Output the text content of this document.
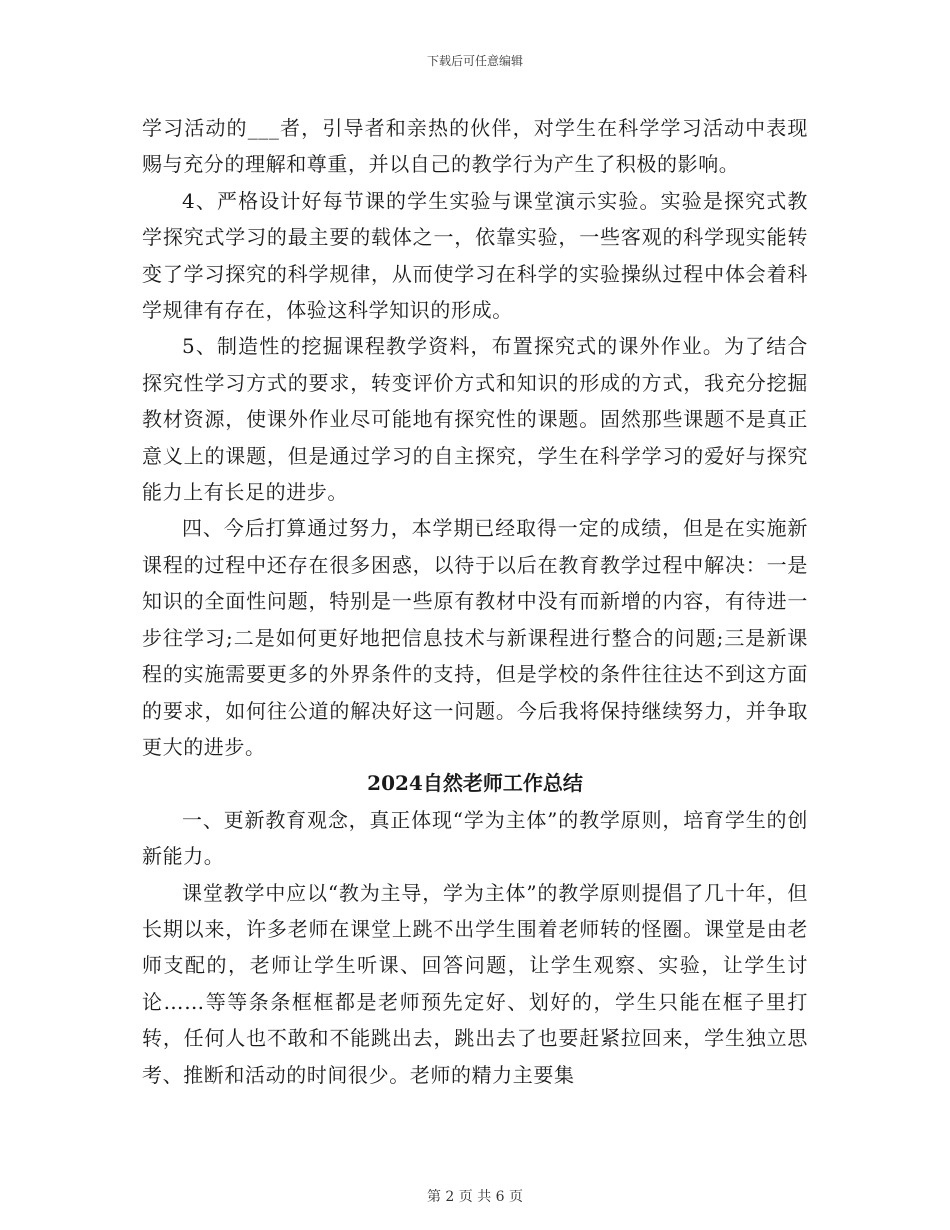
下载后可任意编辑

学习活动的___者，引导者和亲热的伙伴，对学生在科学学习活动中表现赐与充分的理解和尊重，并以自己的教学行为产生了积极的影响。

4、严格设计好每节课的学生实验与课堂演示实验。实验是探究式教学探究式学习的最主要的载体之一，依靠实验，一些客观的科学现实能转变了学习探究的科学规律，从而使学习在科学的实验操纵过程中体会着科学规律有存在，体验这科学知识的形成。

5、制造性的挖掘课程教学资料，布置探究式的课外作业。为了结合探究性学习方式的要求，转变评价方式和知识的形成的方式，我充分挖掘教材资源，使课外作业尽可能地有探究性的课题。固然那些课题不是真正意义上的课题，但是通过学习的自主探究，学生在科学学习的爱好与探究能力上有长足的进步。

四、今后打算通过努力，本学期已经取得一定的成绩，但是在实施新课程的过程中还存在很多困惑，以待于以后在教育教学过程中解决：一是知识的全面性问题，特别是一些原有教材中没有而新增的内容，有待进一步往学习;二是如何更好地把信息技术与新课程进行整合的问题;三是新课程的实施需要更多的外界条件的支持，但是学校的条件往往达不到这方面的要求，如何往公道的解决好这一问题。今后我将保持继续努力，并争取更大的进步。

2024自然老师工作总结

一、更新教育观念，真正体现“学为主体”的教学原则，培育学生的创新能力。

课堂教学中应以“教为主导，学为主体”的教学原则提倡了几十年，但长期以来，许多老师在课堂上跳不出学生围着老师转的怪圈。课堂是由老师支配的，老师让学生听课、回答问题，让学生观察、实验，让学生讨论……等等条条框框都是老师预先定好、划好的，学生只能在框子里打转，任何人也不敢和不能跳出去，跳出去了也要赶紧拉回来，学生独立思考、推断和活动的时间很少。老师的精力主要集

第 2 页 共 6 页
